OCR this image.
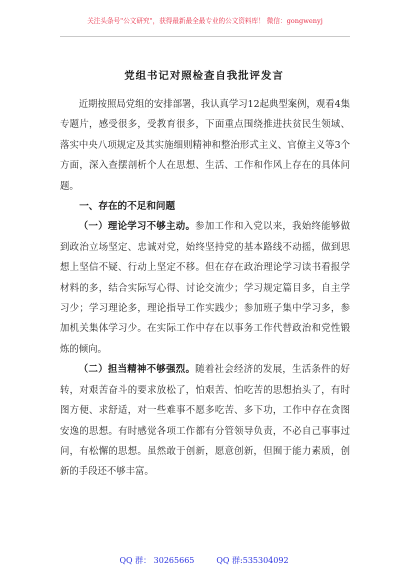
关注头条号"公文研究"，获得最新最全最专业的公文资料库！ 微信：gongwenyj
党组书记对照检查自我批评发言

近期按照局党组的安排部署，我认真学习12起典型案例，观看4集专题片，感受很多，受教育很多，下面重点围绕推进扶贫民生领域、落实中央八项规定及其实施细则精神和整治形式主义、官僚主义等3个方面，深入查摆剖析个人在思想、生活、工作和作风上存在的具体问题。

一、存在的不足和问题

（一）理论学习不够主动。参加工作和入党以来，我始终能够做到政治立场坚定、忠诚对党，始终坚持党的基本路线不动摇，做到思想上坚信不疑、行动上坚定不移。但在存在政治理论学习读书看报学材料的多，结合实际写心得、讨论交流少；学习规定篇目多，自主学习少；学习理论多，理论指导工作实践少；参加班子集中学习多，参加机关集体学习少。在实际工作中存在以事务工作代替政治和党性锻炼的倾向。

（二）担当精神不够强烈。随着社会经济的发展，生活条件的好转，对艰苦奋斗的要求放松了，怕艰苦、怕吃苦的思想抬头了，有时图方便、求舒适，对一些难事不愿多吃苦、多下功，工作中存在贪图安逸的思想。有时感觉各项工作都有分管领导负责，不必自己事事过问，有松懈的思想。虽然敢于创新，愿意创新，但囿于能力素质，创新的手段还不够丰富。

QQ 群： 30265665	QQ 群:535304092
